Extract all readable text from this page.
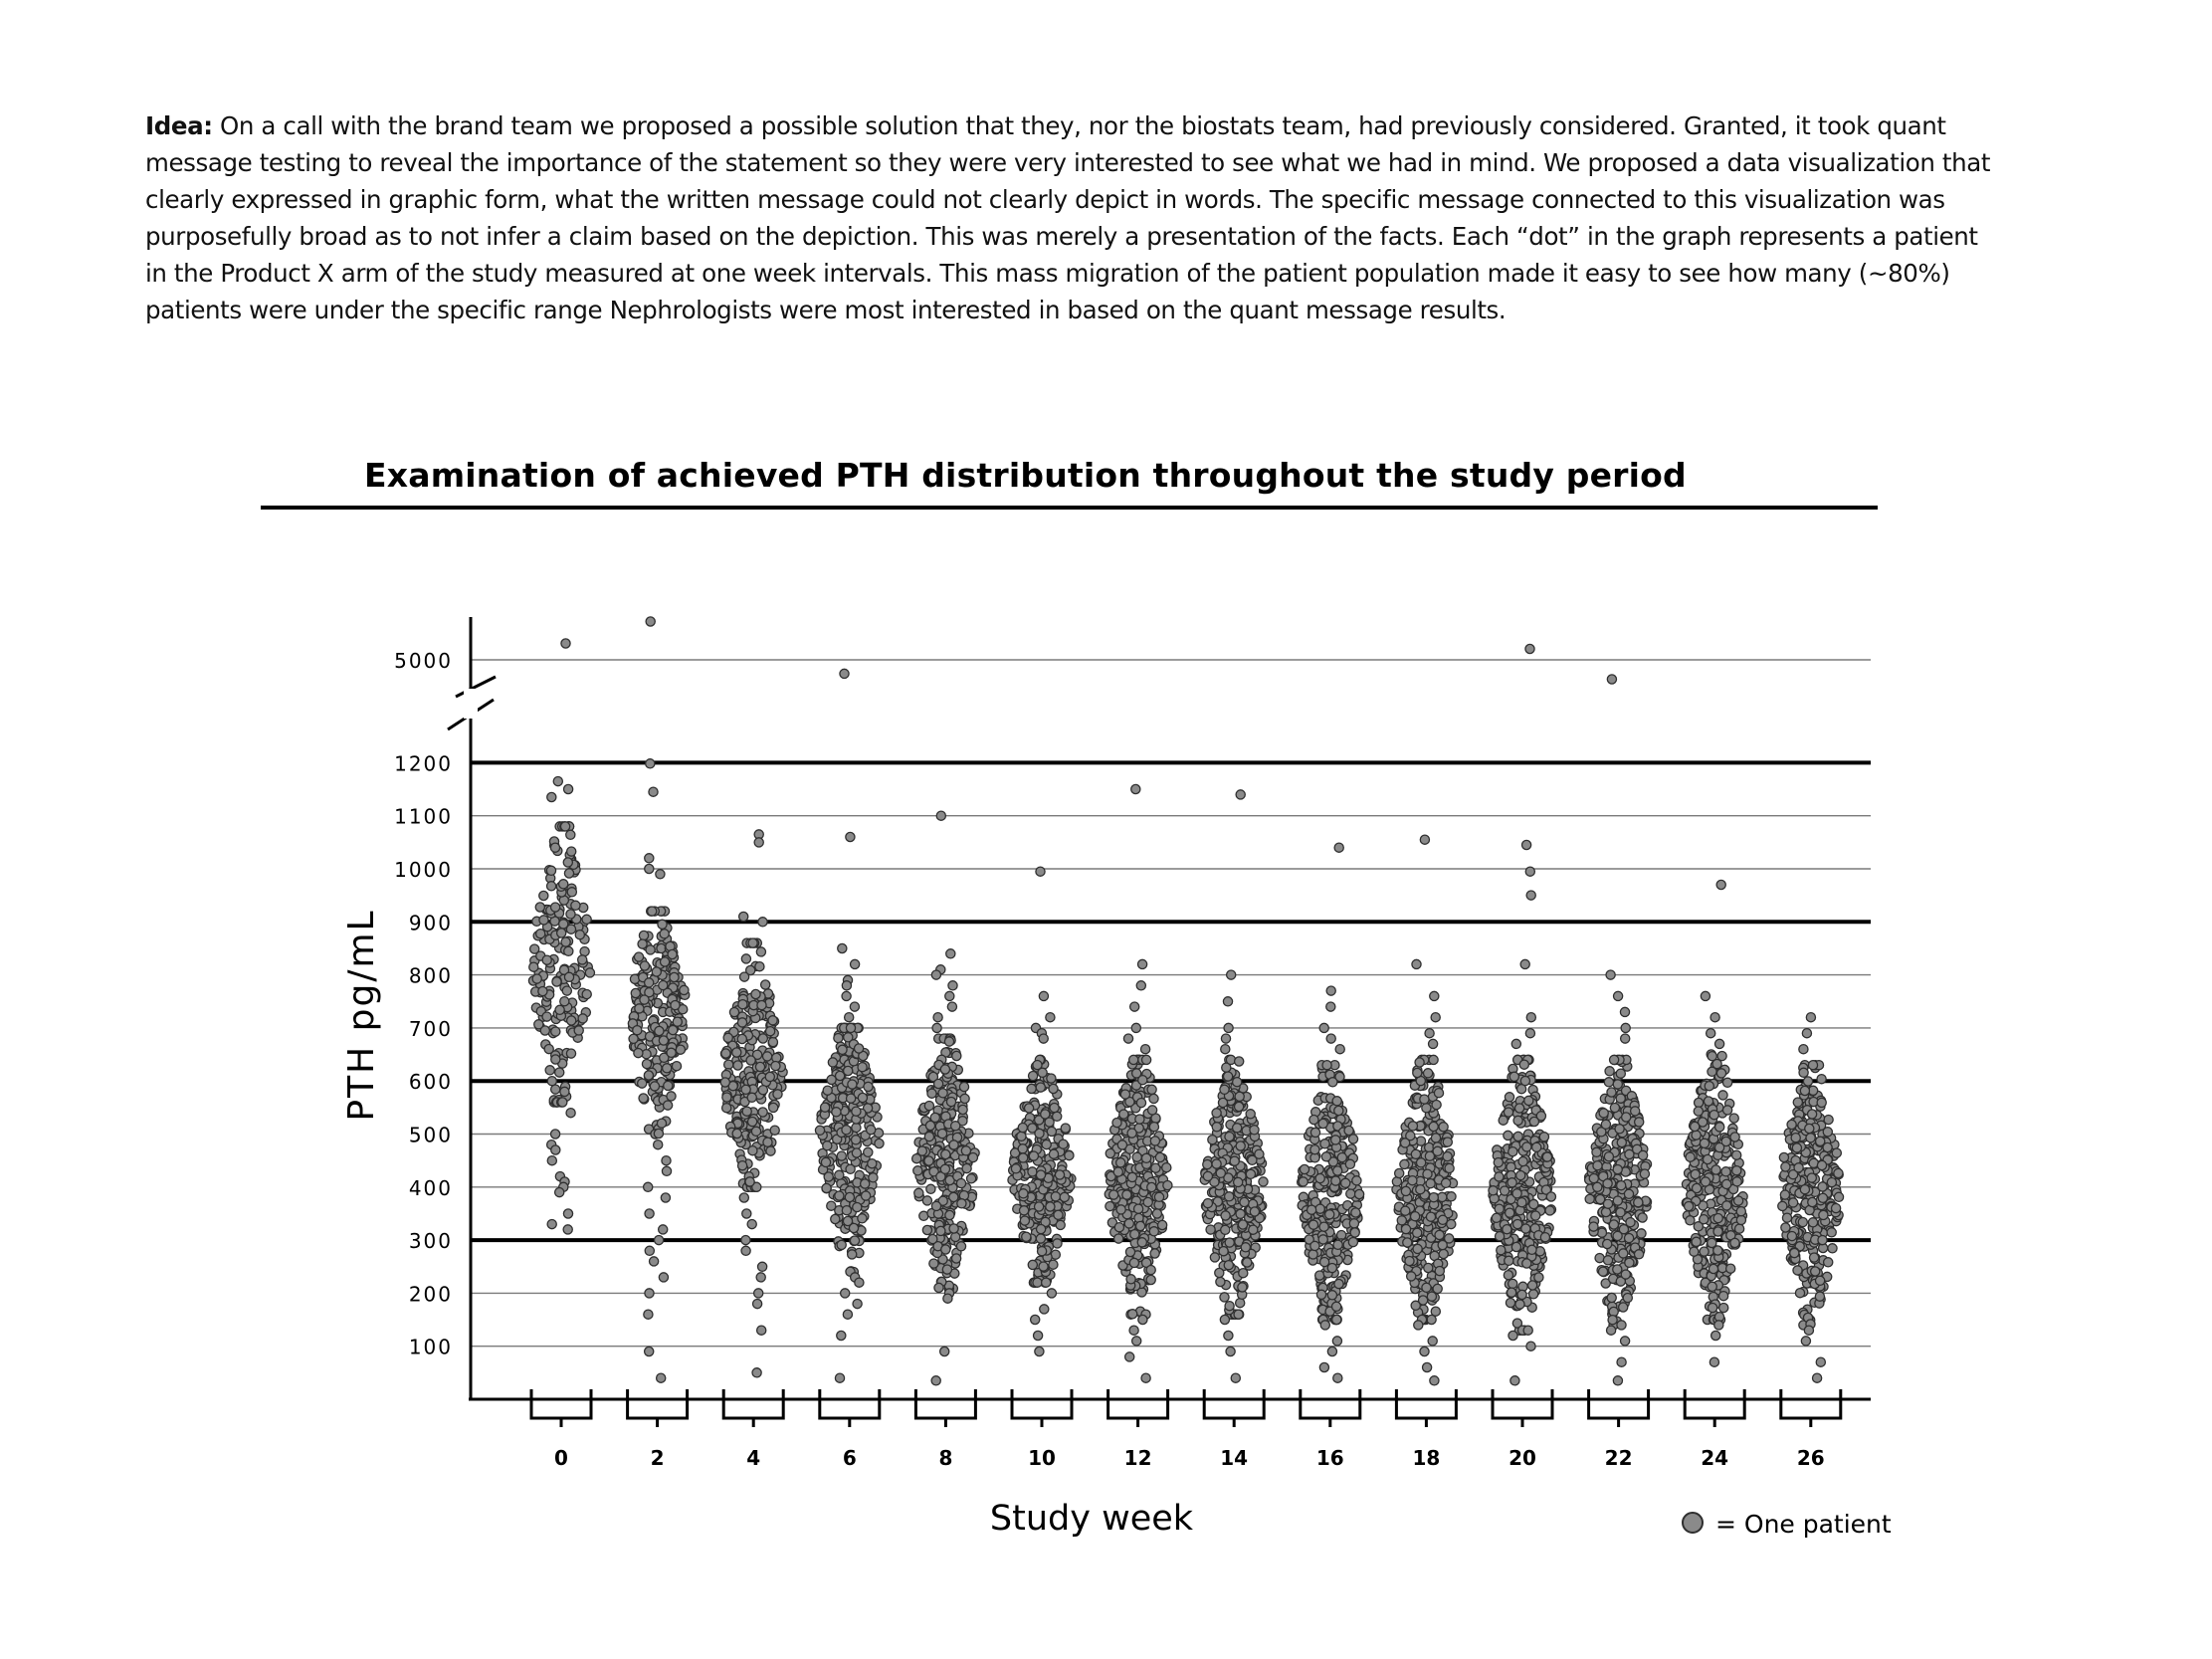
Idea: On a call with the brand team we proposed a possible solution that they, nor the biostats team, had previously considered. Granted, it took quant message testing to reveal the importance of the statement so they were very interested to see what we had in mind. We proposed a data visualization that clearly expressed in graphic form, what the written message could not clearly depict in words. The specific message connected to this visualization was purposefully broad as to not infer a claim based on the depiction. This was merely a presentation of the facts. Each “dot” in the graph represents a patient in the Product X arm of the study measured at one week intervals. This mass migration of the patient population made it easy to see how many (~80%) patients were under the specific range Nephrologists were most interested in based on the quant message results.
Examination of achieved PTH distribution throughout the study period
100
200
300
400
500
600
700
800
900
1000
1100
1200
5000
0	2	4	6	8	10	12	14	16	18	20	22	24	26
PTH pg/mL
Study week	= One patient
